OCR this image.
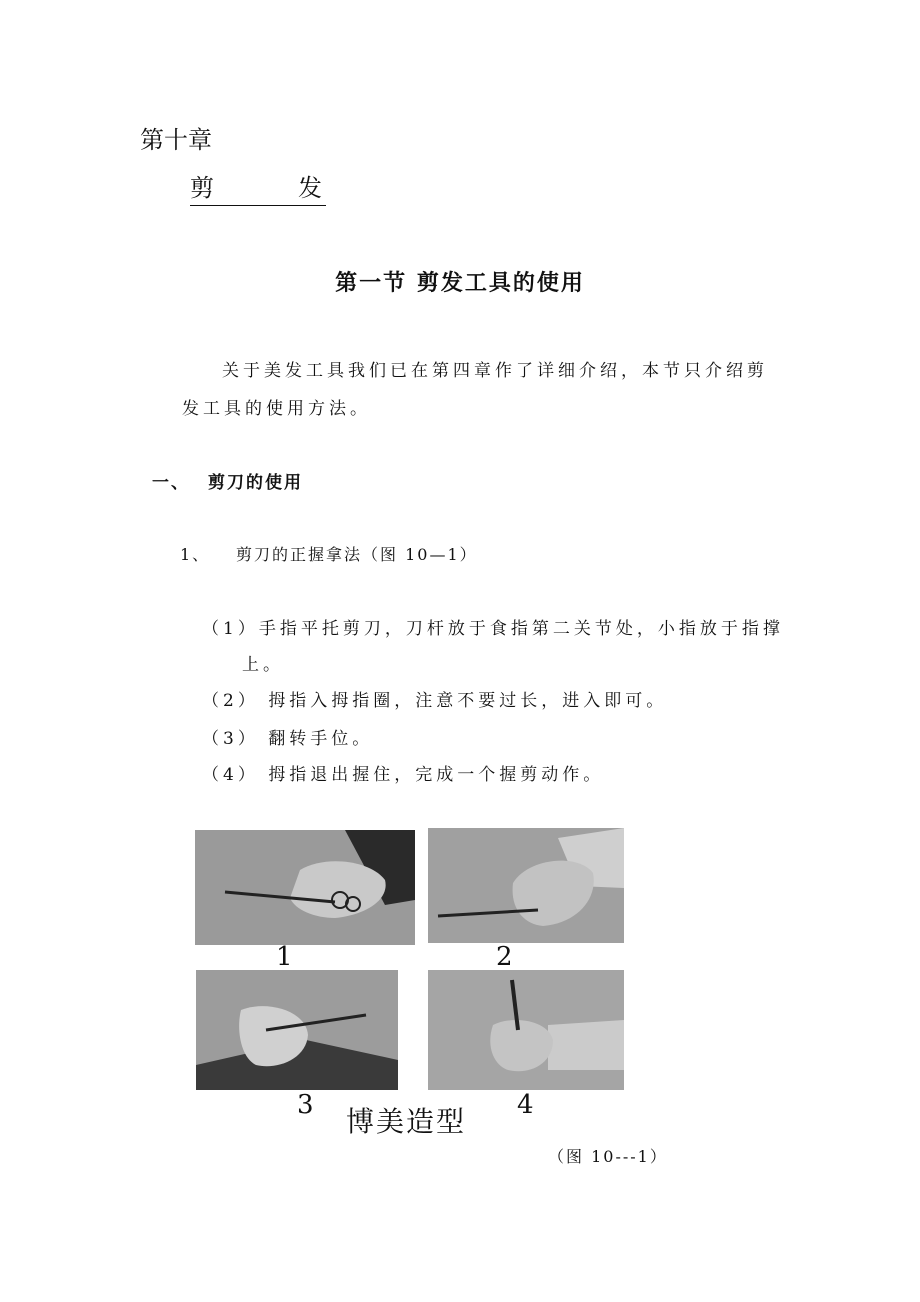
第十章
剪　发
第一节 剪发工具的使用
关于美发工具我们已在第四章作了详细介绍，本节只介绍剪
发工具的使用方法。
一、 剪刀的使用
1、 剪刀的正握拿法（图 10—1）
（1）手指平托剪刀，刀杆放于食指第二关节处，小指放于指撑
上。
（2） 拇指入拇指圈，注意不要过长，进入即可。
（3） 翻转手位。
（4） 拇指退出握住，完成一个握剪动作。
1	2
3	4
博美造型
（图 10---1）
